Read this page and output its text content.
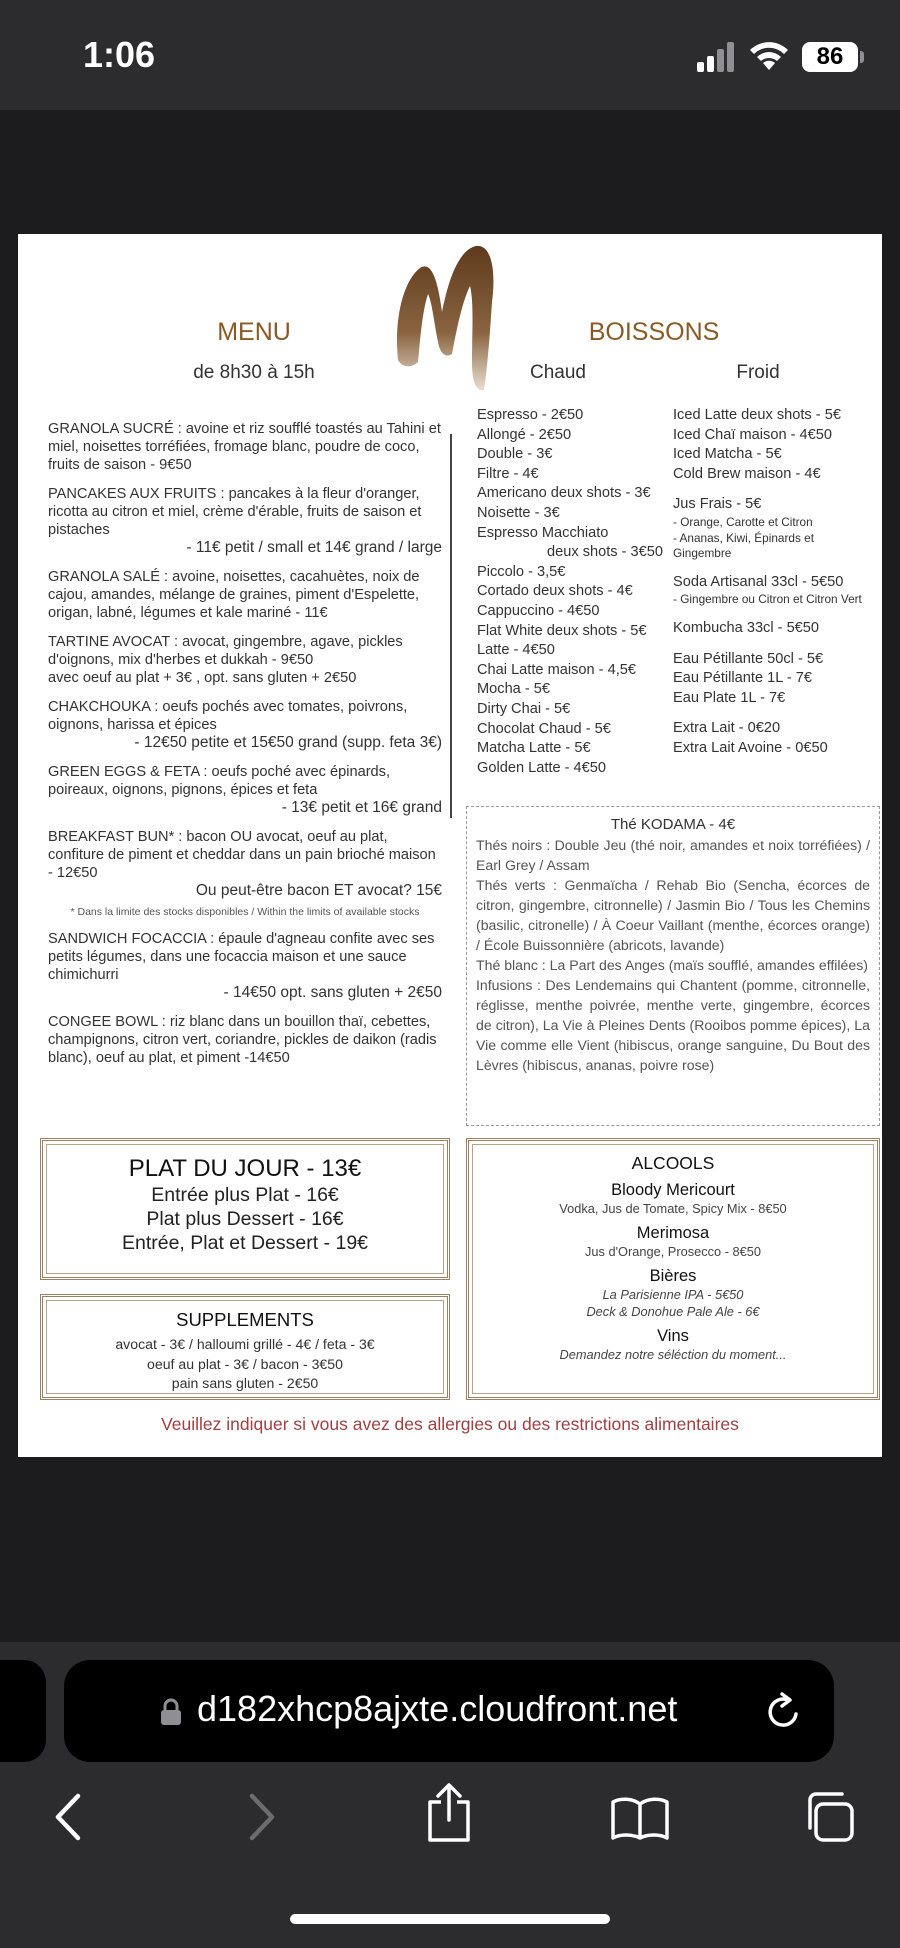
1:06	86
MENU
de 8h30 à 15h
BOISSONS
Chaud	Froid
GRANOLA SUCRÉ : avoine et riz soufflé toastés au Tahini et miel, noisettes torréfiées, fromage blanc, poudre de coco, fruits de saison - 9€50
PANCAKES AUX FRUITS : pancakes à la fleur d'oranger, ricotta au citron et miel, crème d'érable, fruits de saison et pistaches
- 11€ petit / small et 14€ grand / large
GRANOLA SALÉ : avoine, noisettes, cacahuètes, noix de cajou, amandes, mélange de graines, piment d'Espelette, origan, labné, légumes et kale mariné - 11€
TARTINE AVOCAT : avocat, gingembre, agave, pickles d'oignons, mix d'herbes et dukkah - 9€50
avec oeuf au plat + 3€ , opt. sans gluten + 2€50
CHAKCHOUKA : oeufs pochés avec tomates, poivrons, oignons, harissa et épices
- 12€50 petite et 15€50 grand (supp. feta 3€)
GREEN EGGS & FETA : oeufs poché avec épinards, poireaux, oignons, pignons, épices et feta
- 13€ petit et 16€ grand
BREAKFAST BUN* : bacon OU avocat, oeuf au plat, confiture de piment et cheddar dans un pain brioché maison - 12€50
Ou peut-être bacon ET avocat? 15€
* Dans la limite des stocks disponibles / Within the limits of available stocks
SANDWICH FOCACCIA : épaule d'agneau confite avec ses petits légumes, dans une focaccia maison et une sauce chimichurri
- 14€50 opt. sans gluten + 2€50
CONGEE BOWL : riz blanc dans un bouillon thaï, cebettes, champignons, citron vert, coriandre, pickles de daikon (radis blanc), oeuf au plat, et piment -14€50
Espresso - 2€50
Allongé - 2€50
Double - 3€
Filtre - 4€
Americano deux shots - 3€
Noisette - 3€
Espresso Macchiato
deux shots - 3€50
Piccolo - 3,5€
Cortado deux shots - 4€
Cappuccino - 4€50
Flat White deux shots - 5€
Latte - 4€50
Chai Latte maison - 4,5€
Mocha - 5€
Dirty Chai - 5€
Chocolat Chaud - 5€
Matcha Latte - 5€
Golden Latte - 4€50
Iced Latte deux shots - 5€
Iced Chaï maison - 4€50
Iced Matcha - 5€
Cold Brew maison - 4€
Jus Frais - 5€
- Orange, Carotte et Citron
- Ananas, Kiwi, Épinards et Gingembre
Soda Artisanal 33cl - 5€50
- Gingembre ou Citron et Citron Vert
Kombucha 33cl - 5€50
Eau Pétillante 50cl - 5€
Eau Pétillante 1L - 7€
Eau Plate 1L - 7€
Extra Lait - 0€20
Extra Lait Avoine - 0€50
Thé KODAMA - 4€
Thés noirs : Double Jeu (thé noir, amandes et noix torréfiées) / Earl Grey / Assam
Thés verts : Genmaïcha / Rehab Bio (Sencha, écorces de citron, gingembre, citronnelle) / Jasmin Bio / Tous les Chemins (basilic, citronelle) / À Coeur Vaillant (menthe, écorces orange) / École Buissonnière (abricots, lavande)
Thé blanc : La Part des Anges (maïs soufflé, amandes effilées)
Infusions : Des Lendemains qui Chantent (pomme, citronnelle, réglisse, menthe poivrée, menthe verte, gingembre, écorces de citron), La Vie à Pleines Dents (Rooibos pomme épices), La Vie comme elle Vient (hibiscus, orange sanguine, Du Bout des Lèvres (hibiscus, ananas, poivre rose)
PLAT DU JOUR - 13€
Entrée plus Plat - 16€
Plat plus Dessert - 16€
Entrée, Plat et Dessert - 19€
SUPPLEMENTS
avocat - 3€ / halloumi grillé - 4€ / feta - 3€
oeuf au plat - 3€ / bacon - 3€50
pain sans gluten - 2€50
ALCOOLS
Bloody Mericourt
Vodka, Jus de Tomate, Spicy Mix - 8€50
Merimosa
Jus d'Orange, Prosecco - 8€50
Bières
La Parisienne IPA - 5€50
Deck & Donohue Pale Ale - 6€
Vins
Demandez notre séléction du moment...
Veuillez indiquer si vous avez des allergies ou des restrictions alimentaires
d182xhcp8ajxte.cloudfront.net
